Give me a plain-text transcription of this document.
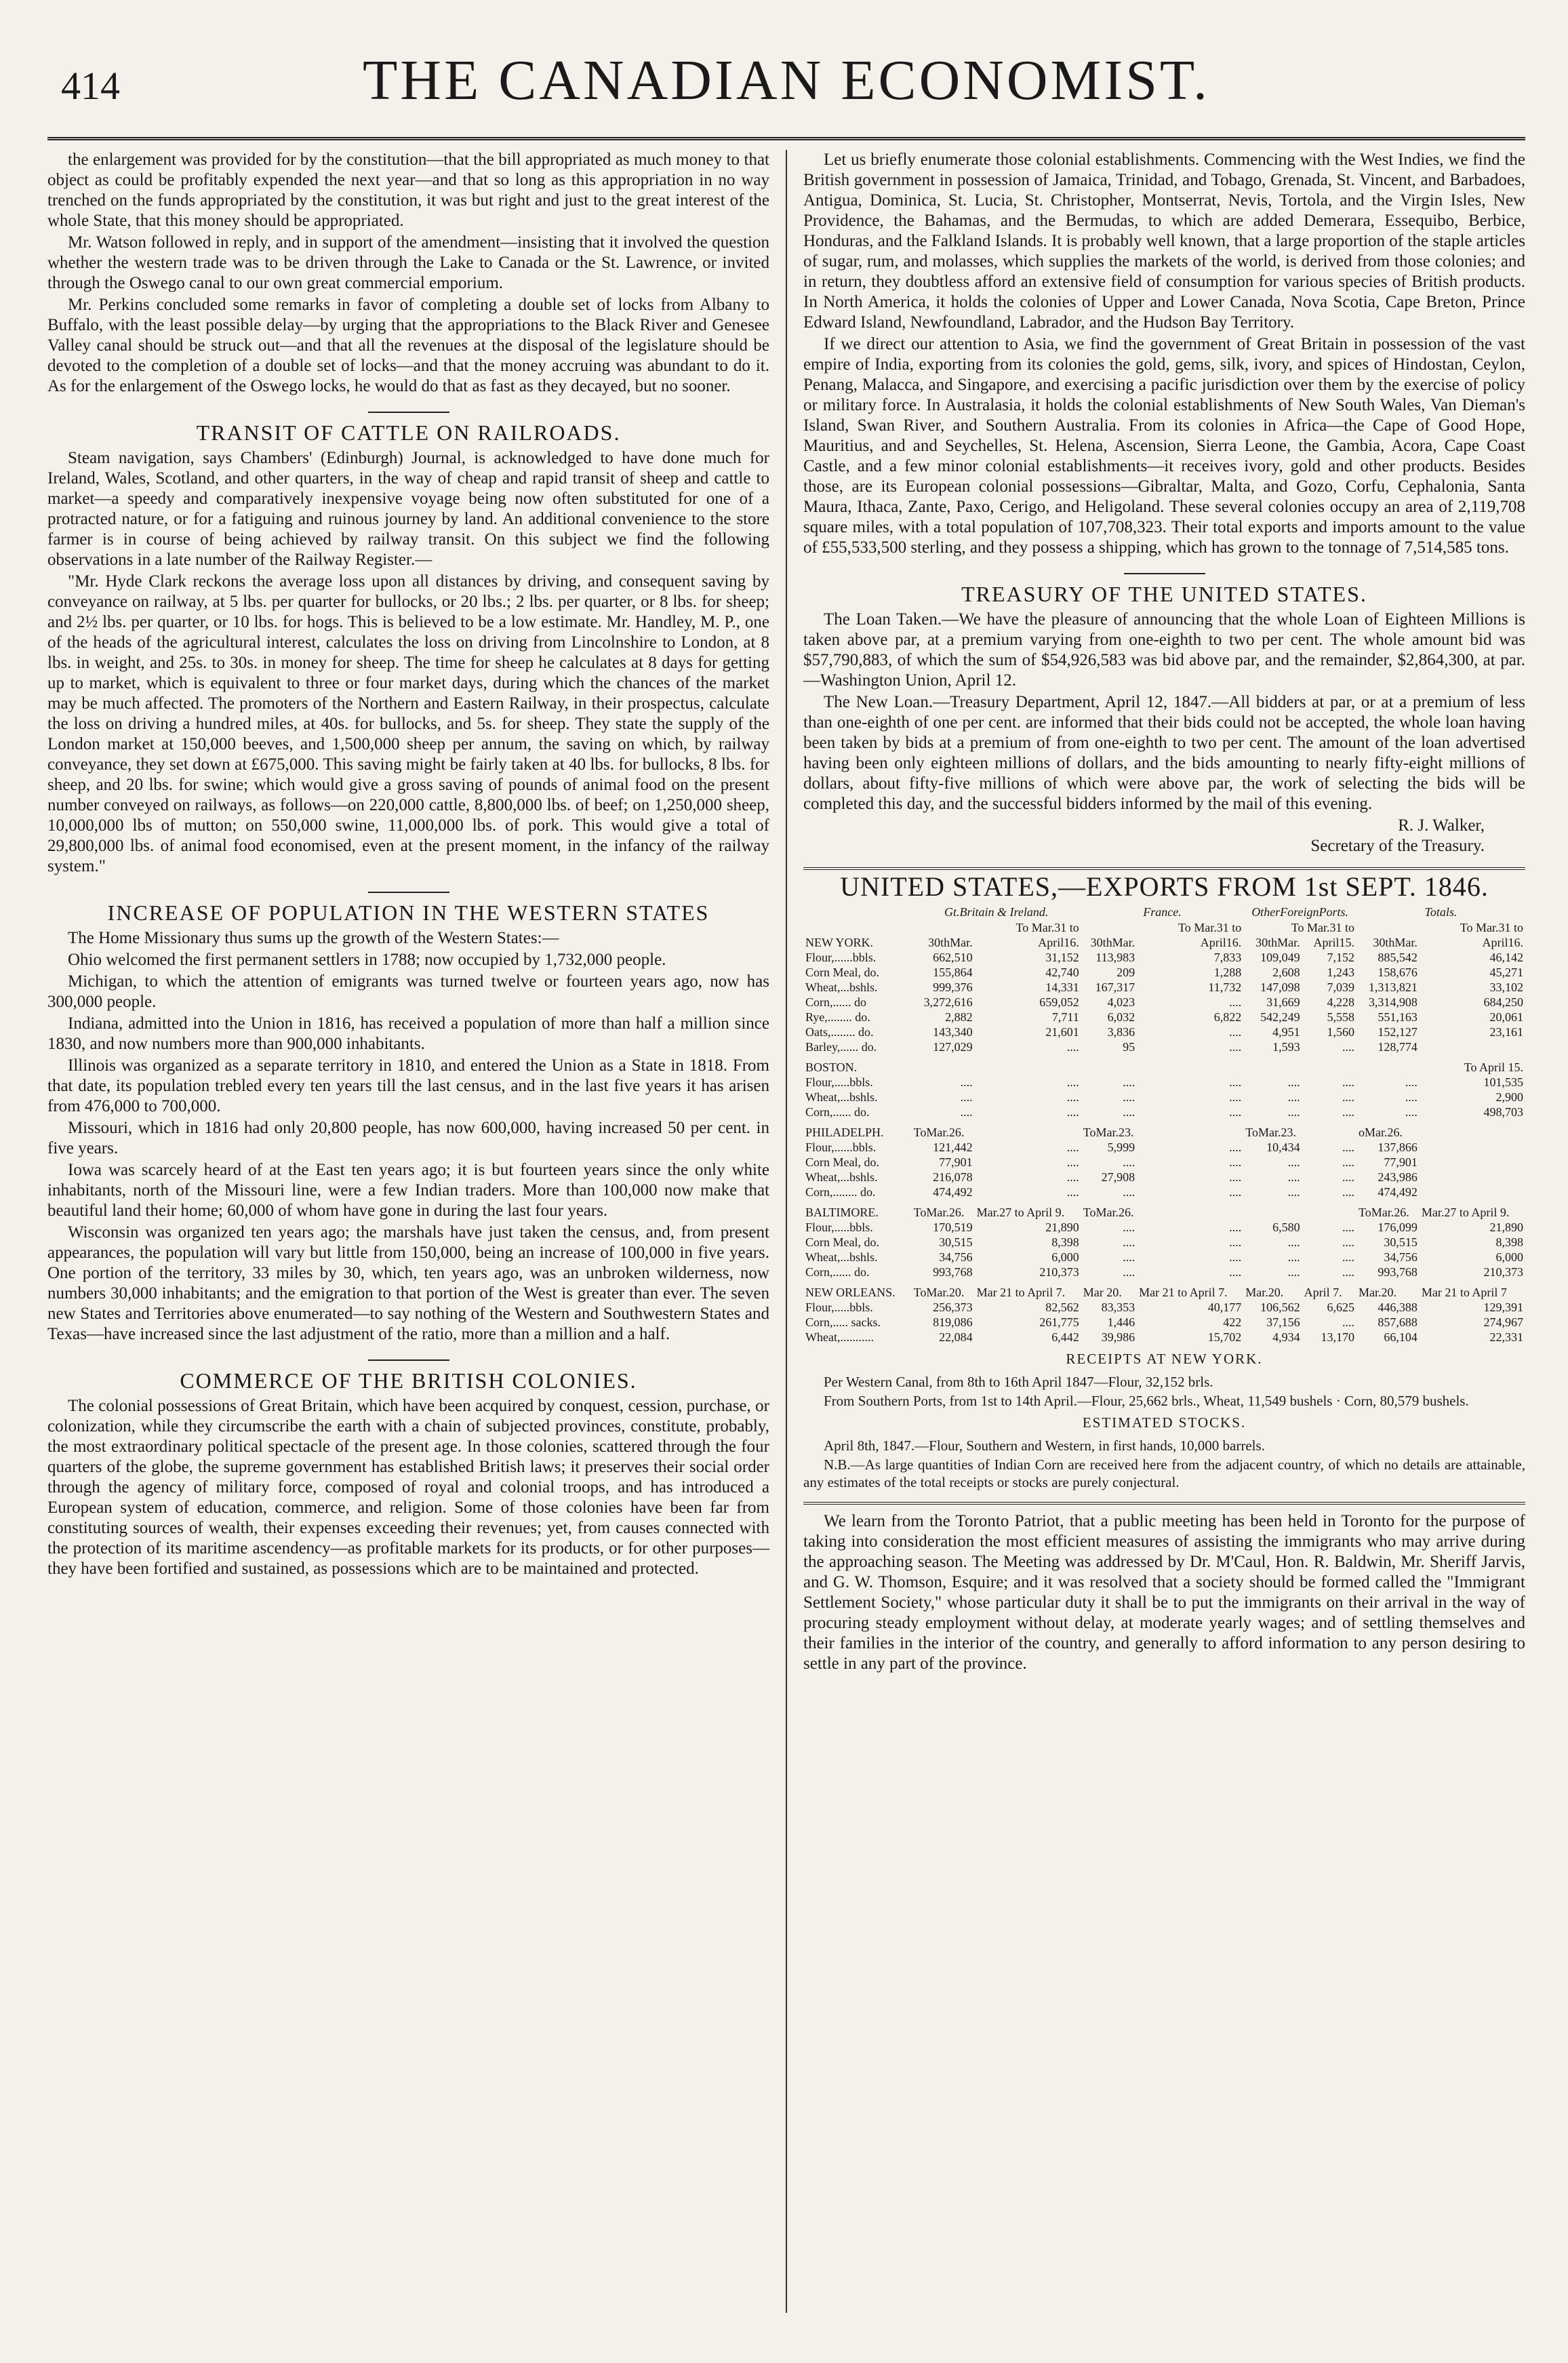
414	THE CANADIAN ECONOMIST.

the enlargement was provided for by the constitution—that the bill appropriated as much money to that object as could be profitably expended the next year—and that so long as this appropriation in no way trenched on the funds appropriated by the constitution, it was but right and just to the great interest of the whole State, that this money should be appropriated.

Mr. Watson followed in reply, and in support of the amendment—insisting that it involved the question whether the western trade was to be driven through the Lake to Canada or the St. Lawrence, or invited through the Oswego canal to our own great commercial emporium.

Mr. Perkins concluded some remarks in favor of completing a double set of locks from Albany to Buffalo, with the least possible delay—by urging that the appropriations to the Black River and Genesee Valley canal should be struck out—and that all the revenues at the disposal of the legislature should be devoted to the completion of a double set of locks—and that the money accruing was abundant to do it. As for the enlargement of the Oswego locks, he would do that as fast as they decayed, but no sooner.

TRANSIT OF CATTLE ON RAILROADS.

Steam navigation, says Chambers' (Edinburgh) Journal, is acknowledged to have done much for Ireland, Wales, Scotland, and other quarters, in the way of cheap and rapid transit of sheep and cattle to market—a speedy and comparatively inexpensive voyage being now often substituted for one of a protracted nature, or for a fatiguing and ruinous journey by land. An additional convenience to the store farmer is in course of being achieved by railway transit. On this subject we find the following observations in a late number of the Railway Register.—

"Mr. Hyde Clark reckons the average loss upon all distances by driving, and consequent saving by conveyance on railway, at 5 lbs. per quarter for bullocks, or 20 lbs.; 2 lbs. per quarter, or 8 lbs. for sheep; and 2½ lbs. per quarter, or 10 lbs. for hogs. This is believed to be a low estimate. Mr. Handley, M. P., one of the heads of the agricultural interest, calculates the loss on driving from Lincolnshire to London, at 8 lbs. in weight, and 25s. to 30s. in money for sheep. The time for sheep he calculates at 8 days for getting up to market, which is equivalent to three or four market days, during which the chances of the market may be much affected. The promoters of the Northern and Eastern Railway, in their prospectus, calculate the loss on driving a hundred miles, at 40s. for bullocks, and 5s. for sheep. They state the supply of the London market at 150,000 beeves, and 1,500,000 sheep per annum, the saving on which, by railway conveyance, they set down at £675,000. This saving might be fairly taken at 40 lbs. for bullocks, 8 lbs. for sheep, and 20 lbs. for swine; which would give a gross saving of pounds of animal food on the present number conveyed on railways, as follows—on 220,000 cattle, 8,800,000 lbs. of beef; on 1,250,000 sheep, 10,000,000 lbs of mutton; on 550,000 swine, 11,000,000 lbs. of pork. This would give a total of 29,800,000 lbs. of animal food economised, even at the present moment, in the infancy of the railway system."

INCREASE OF POPULATION IN THE WESTERN STATES

The Home Missionary thus sums up the growth of the Western States:—

Ohio welcomed the first permanent settlers in 1788; now occupied by 1,732,000 people.

Michigan, to which the attention of emigrants was turned twelve or fourteen years ago, now has 300,000 people.

Indiana, admitted into the Union in 1816, has received a population of more than half a million since 1830, and now numbers more than 900,000 inhabitants.

Illinois was organized as a separate territory in 1810, and entered the Union as a State in 1818. From that date, its population trebled every ten years till the last census, and in the last five years it has arisen from 476,000 to 700,000.

Missouri, which in 1816 had only 20,800 people, has now 600,000, having increased 50 per cent. in five years.

Iowa was scarcely heard of at the East ten years ago; it is but fourteen years since the only white inhabitants, north of the Missouri line, were a few Indian traders. More than 100,000 now make that beautiful land their home; 60,000 of whom have gone in during the last four years.

Wisconsin was organized ten years ago; the marshals have just taken the census, and, from present appearances, the population will vary but little from 150,000, being an increase of 100,000 in five years. One portion of the territory, 33 miles by 30, which, ten years ago, was an unbroken wilderness, now numbers 30,000 inhabitants; and the emigration to that portion of the West is greater than ever. The seven new States and Territories above enumerated—to say nothing of the Western and Southwestern States and Texas—have increased since the last adjustment of the ratio, more than a million and a half.

COMMERCE OF THE BRITISH COLONIES.

The colonial possessions of Great Britain, which have been acquired by conquest, cession, purchase, or colonization, while they circumscribe the earth with a chain of subjected provinces, constitute, probably, the most extraordinary political spectacle of the present age. In those colonies, scattered through the four quarters of the globe, the supreme government has established British laws; it preserves their social order through the agency of military force, composed of royal and colonial troops, and has introduced a European system of education, commerce, and religion. Some of those colonies have been far from constituting sources of wealth, their expenses exceeding their revenues; yet, from causes connected with the protection of its maritime ascendency—as profitable markets for its products, or for other purposes—they have been fortified and sustained, as possessions which are to be maintained and protected.

Let us briefly enumerate those colonial establishments. Commencing with the West Indies, we find the British government in possession of Jamaica, Trinidad, and Tobago, Grenada, St. Vincent, and Barbadoes, Antigua, Dominica, St. Lucia, St. Christopher, Montserrat, Nevis, Tortola, and the Virgin Isles, New Providence, the Bahamas, and the Bermudas, to which are added Demerara, Essequibo, Berbice, Honduras, and the Falkland Islands. It is probably well known, that a large proportion of the staple articles of sugar, rum, and molasses, which supplies the markets of the world, is derived from those colonies; and in return, they doubtless afford an extensive field of consumption for various species of British products. In North America, it holds the colonies of Upper and Lower Canada, Nova Scotia, Cape Breton, Prince Edward Island, Newfoundland, Labrador, and the Hudson Bay Territory.

If we direct our attention to Asia, we find the government of Great Britain in possession of the vast empire of India, exporting from its colonies the gold, gems, silk, ivory, and spices of Hindostan, Ceylon, Penang, Malacca, and Singapore, and exercising a pacific jurisdiction over them by the exercise of policy or military force. In Australasia, it holds the colonial establishments of New South Wales, Van Dieman's Island, Swan River, and Southern Australia. From its colonies in Africa—the Cape of Good Hope, Mauritius, and and Seychelles, St. Helena, Ascension, Sierra Leone, the Gambia, Acora, Cape Coast Castle, and a few minor colonial establishments—it receives ivory, gold and other products. Besides those, are its European colonial possessions—Gibraltar, Malta, and Gozo, Corfu, Cephalonia, Santa Maura, Ithaca, Zante, Paxo, Cerigo, and Heligoland. These several colonies occupy an area of 2,119,708 square miles, with a total population of 107,708,323. Their total exports and imports amount to the value of £55,533,500 sterling, and they possess a shipping, which has grown to the tonnage of 7,514,585 tons.

TREASURY OF THE UNITED STATES.

The Loan Taken.—We have the pleasure of announcing that the whole Loan of Eighteen Millions is taken above par, at a premium varying from one-eighth to two per cent. The whole amount bid was $57,790,883, of which the sum of $54,926,583 was bid above par, and the remainder, $2,864,300, at par.—Washington Union, April 12.

The New Loan.—Treasury Department, April 12, 1847.—All bidders at par, or at a premium of less than one-eighth of one per cent. are informed that their bids could not be accepted, the whole loan having been taken by bids at a premium of from one-eighth to two per cent. The amount of the loan advertised having been only eighteen millions of dollars, and the bids amounting to nearly fifty-eight millions of dollars, about fifty-five millions of which were above par, the work of selecting the bids will be completed this day, and the successful bidders informed by the mail of this evening.

R. J. Walker,
Secretary of the Treasury.
UNITED STATES,—EXPORTS FROM 1st SEPT. 1846.
	Gt.Britain & Ireland.		France.		OtherForeignPorts.		Totals.	
	To Mar.31 to		To Mar.31 to		To Mar.31 to		To Mar.31 to	
NEW YORK.	30thMar.	April16.	30thMar.	April16.	30thMar.	April15.	30thMar.	April16.
Flour,......bbls.	662,510	31,152	113,983	7,833	109,049	7,152	885,542	46,142
Corn Meal, do.	155,864	42,740	209	1,288	2,608	1,243	158,676	45,271
Wheat,...bshls.	999,376	14,331	167,317	11,732	147,098	7,039	1,313,821	33,102
Corn,...... do	3,272,616	659,052	4,023	....	31,669	4,228	3,314,908	684,250
Rye,........ do.	2,882	7,711	6,032	6,822	542,249	5,558	551,163	20,061
Oats,........ do.	143,340	21,601	3,836	....	4,951	1,560	152,127	23,161
Barley,...... do.	127,029	....	95	....	1,593	....	128,774	
BOSTON.							To April 15.	
Flour,.....bbls.	....	....	....	....	....	....	....	101,535
Wheat,...bshls.	....	....	....	....	....	....	....	2,900
Corn,...... do.	....	....	....	....	....	....	....	498,703
PHILADELPH.	ToMar.26.		ToMar.23.		ToMar.23.		oMar.26.	
Flour,......bbls.	121,442	....	5,999	....	10,434	....	137,866	
Corn Meal, do.	77,901	....	....	....	....	....	77,901	
Wheat,...bshls.	216,078	....	27,908	....	....	....	243,986	
Corn,........ do.	474,492	....	....	....	....	....	474,492	
BALTIMORE.	ToMar.26.	Mar.27 to April 9.	ToMar.26.				ToMar.26.	Mar.27 to April 9.
Flour,.....bbls.	170,519	21,890	....	....	6,580	....	176,099	21,890
Corn Meal, do.	30,515	8,398	....	....	....	....	30,515	8,398
Wheat,...bshls.	34,756	6,000	....	....	....	....	34,756	6,000
Corn,...... do.	993,768	210,373	....	....	....	....	993,768	210,373
NEW ORLEANS.	ToMar.20.	Mar 21 to April 7.	Mar 20.	Mar 21 to April 7.	Mar.20.	April 7.	Mar.20.	Mar 21 to April 7
Flour,.....bbls.	256,373	82,562	83,353	40,177	106,562	6,625	446,388	129,391
Corn,..... sacks.	819,086	261,775	1,446	422	37,156	....	857,688	274,967
Wheat,...........	22,084	6,442	39,986	15,702	4,934	13,170	66,104	22,331
RECEIPTS AT NEW YORK.

Per Western Canal, from 8th to 16th April 1847—Flour, 32,152 brls.

From Southern Ports, from 1st to 14th April.—Flour, 25,662 brls., Wheat, 11,549 bushels · Corn, 80,579 bushels.

ESTIMATED STOCKS.

April 8th, 1847.—Flour, Southern and Western, in first hands, 10,000 barrels.

N.B.—As large quantities of Indian Corn are received here from the adjacent country, of which no details are attainable, any estimates of the total receipts or stocks are purely conjectural.

We learn from the Toronto Patriot, that a public meeting has been held in Toronto for the purpose of taking into consideration the most efficient measures of assisting the immigrants who may arrive during the approaching season. The Meeting was addressed by Dr. M'Caul, Hon. R. Baldwin, Mr. Sheriff Jarvis, and G. W. Thomson, Esquire; and it was resolved that a society should be formed called the "Immigrant Settlement Society," whose particular duty it shall be to put the immigrants on their arrival in the way of procuring steady employment without delay, at moderate yearly wages; and of settling themselves and their families in the interior of the country, and generally to afford information to any person desiring to settle in any part of the province.
